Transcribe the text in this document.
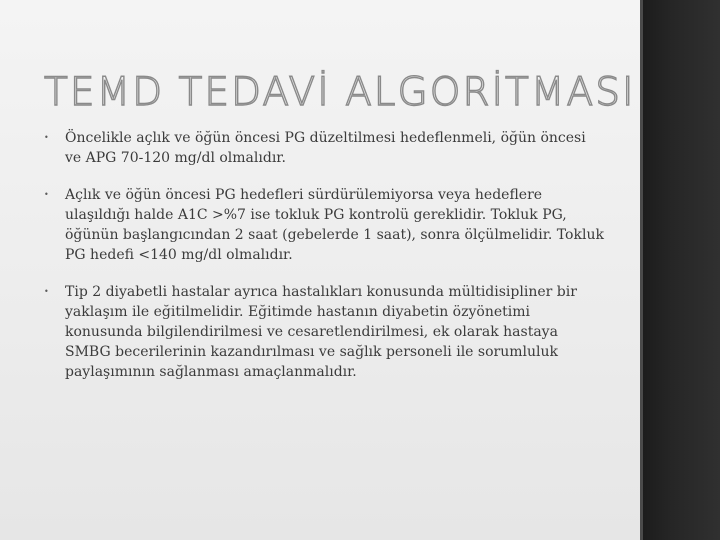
TEMD TEDAVİ ALGORİTMASI
• Öncelikle açlık ve öğün öncesi PG düzeltilmesi hedeflenmeli, öğün öncesi ve APG 70-120 mg/dl olmalıdır.
• Açlık ve öğün öncesi PG hedefleri sürdürülemiyorsa veya hedeflere ulaşıldığı halde A1C >%7 ise tokluk PG kontrolü gereklidir. Tokluk PG, öğünün başlangıcından 2 saat (gebelerde 1 saat), sonra ölçülmelidir. Tokluk PG hedefi <140 mg/dl olmalıdır.
• Tip 2 diyabetli hastalar ayrıca hastalıkları konusunda mültidisipliner bir yaklaşım ile eğitilmelidir. Eğitimde hastanın diyabetin özyönetimi konusunda bilgilendirilmesi ve cesaretlendirilmesi, ek olarak hastaya SMBG becerilerinin kazandırılması ve sağlık personeli ile sorumluluk paylaşımının sağlanması amaçlanmalıdır.
